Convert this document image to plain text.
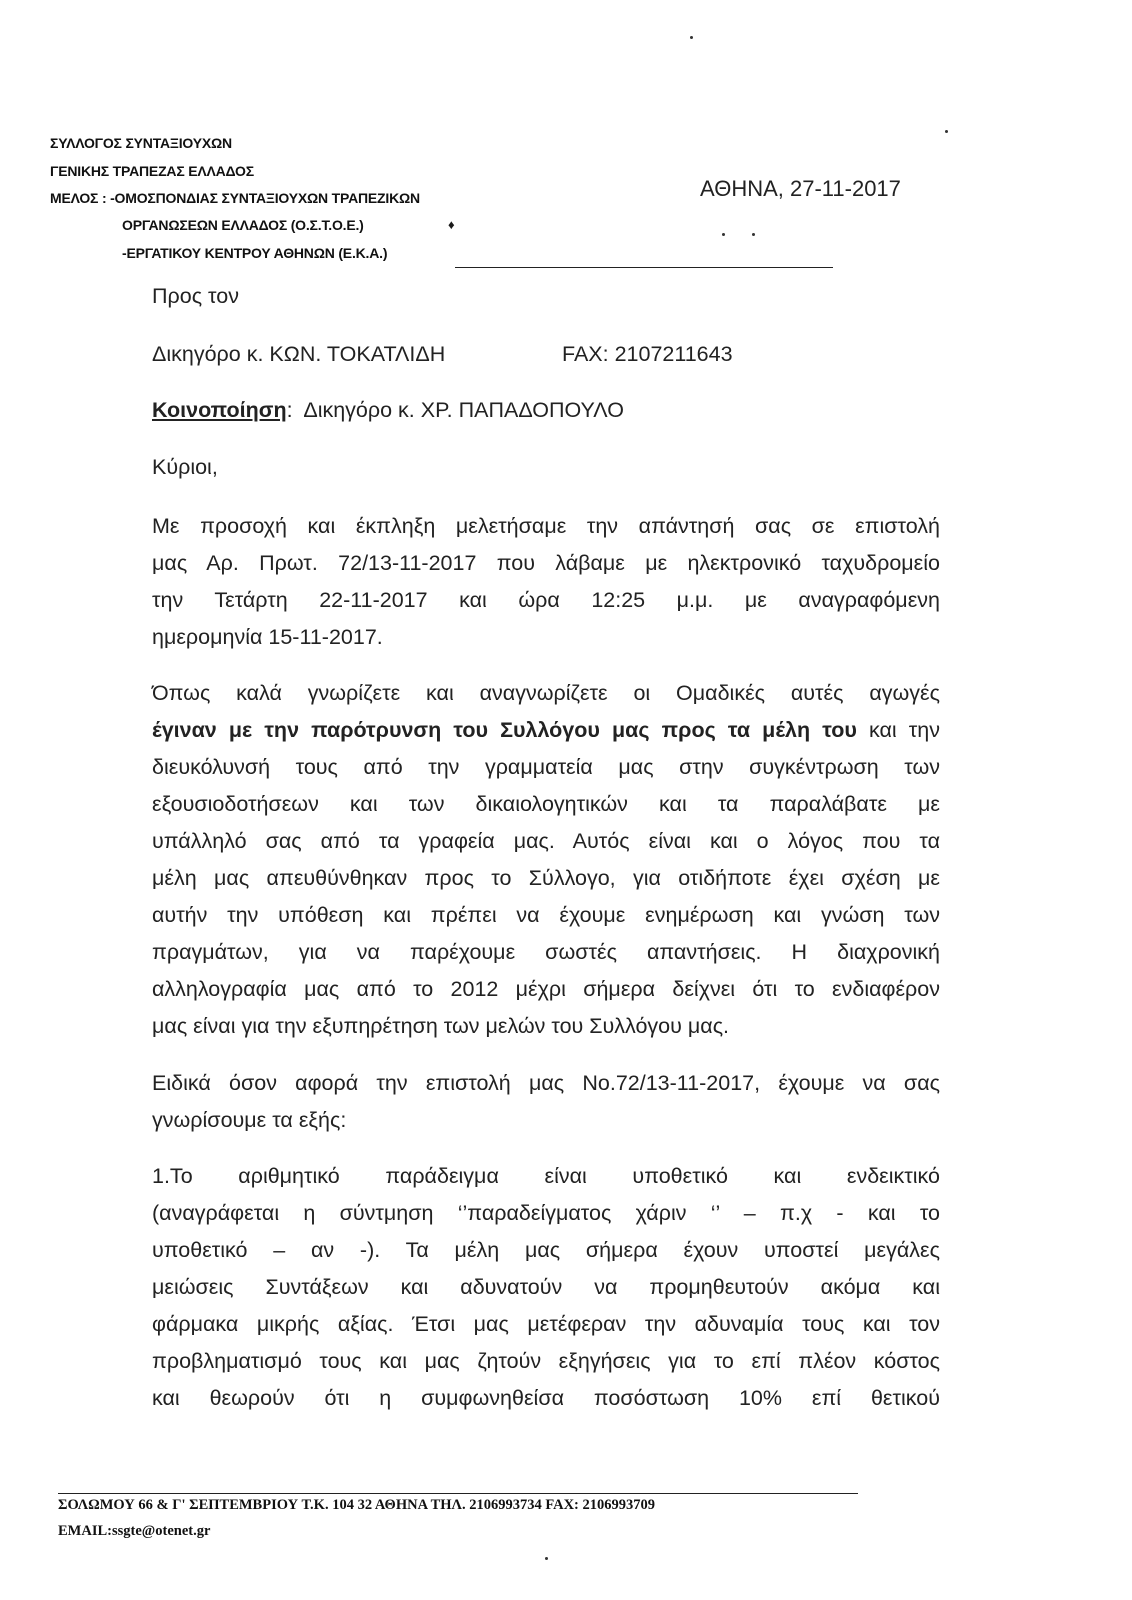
ΣΥΛΛΟΓΟΣ ΣΥΝΤΑΞΙΟΥΧΩΝ
ΓΕΝΙΚΗΣ ΤΡΑΠΕΖΑΣ ΕΛΛΑΔΟΣ
ΜΕΛΟΣ : -ΟΜΟΣΠΟΝΔΙΑΣ ΣΥΝΤΑΞΙΟΥΧΩΝ ΤΡΑΠΕΖΙΚΩΝ
ΟΡΓΑΝΩΣΕΩΝ ΕΛΛΑΔΟΣ (Ο.Σ.Τ.Ο.Ε.)	♦
-ΕΡΓΑΤΙΚΟΥ ΚΕΝΤΡΟΥ ΑΘΗΝΩΝ (Ε.Κ.Α.)
ΑΘΗΝΑ, 27-11-2017
Προς τον
Δικηγόρο κ. ΚΩΝ. ΤΟΚΑΤΛΙΔΗ	FAX: 2107211643
Κοινοποίηση: Δικηγόρο κ. ΧΡ. ΠΑΠΑΔΟΠΟΥΛΟ
Κύριοι,
Με προσοχή και έκπληξη μελετήσαμε την απάντησή σας σε επιστολή
μας Αρ. Πρωτ. 72/13-11-2017 που λάβαμε με ηλεκτρονικό ταχυδρομείο
την Τετάρτη 22-11-2017 και ώρα 12:25 μ.μ. με αναγραφόμενη
ημερομηνία 15-11-2017.
Όπως καλά γνωρίζετε και αναγνωρίζετε οι Ομαδικές αυτές αγωγές
έγιναν με την παρότρυνση του Συλλόγου μας προς τα μέλη του και την
διευκόλυνσή τους από την γραμματεία μας στην συγκέντρωση των
εξουσιοδοτήσεων και των δικαιολογητικών και τα παραλάβατε με
υπάλληλό σας από τα γραφεία μας. Αυτός είναι και ο λόγος που τα
μέλη μας απευθύνθηκαν προς το Σύλλογο, για οτιδήποτε έχει σχέση με
αυτήν την υπόθεση και πρέπει να έχουμε ενημέρωση και γνώση των
πραγμάτων, για να παρέχουμε σωστές απαντήσεις. Η διαχρονική
αλληλογραφία μας από το 2012 μέχρι σήμερα δείχνει ότι το ενδιαφέρον
μας είναι για την εξυπηρέτηση των μελών του Συλλόγου μας.
Ειδικά όσον αφορά την επιστολή μας Νο.72/13-11-2017, έχουμε να σας
γνωρίσουμε τα εξής:
1.Το αριθμητικό παράδειγμα είναι υποθετικό και ενδεικτικό
(αναγράφεται η σύντμηση ‘’παραδείγματος χάριν ‘’ – π.χ - και το
υποθετικό – αν -). Τα μέλη μας σήμερα έχουν υποστεί μεγάλες
μειώσεις Συντάξεων και αδυνατούν να προμηθευτούν ακόμα και
φάρμακα μικρής αξίας. Έτσι μας μετέφεραν την αδυναμία τους και τον
προβληματισμό τους και μας ζητούν εξηγήσεις για το επί πλέον κόστος
και θεωρούν ότι η συμφωνηθείσα ποσόστωση 10% επί θετικού
ΣΟΛΩΜΟΥ 66 & Γ' ΣΕΠΤΕΜΒΡΙΟΥ Τ.Κ. 104 32 ΑΘΗΝΑ ΤΗΛ. 2106993734 FAX: 2106993709
EMAIL:ssgte@otenet.gr
